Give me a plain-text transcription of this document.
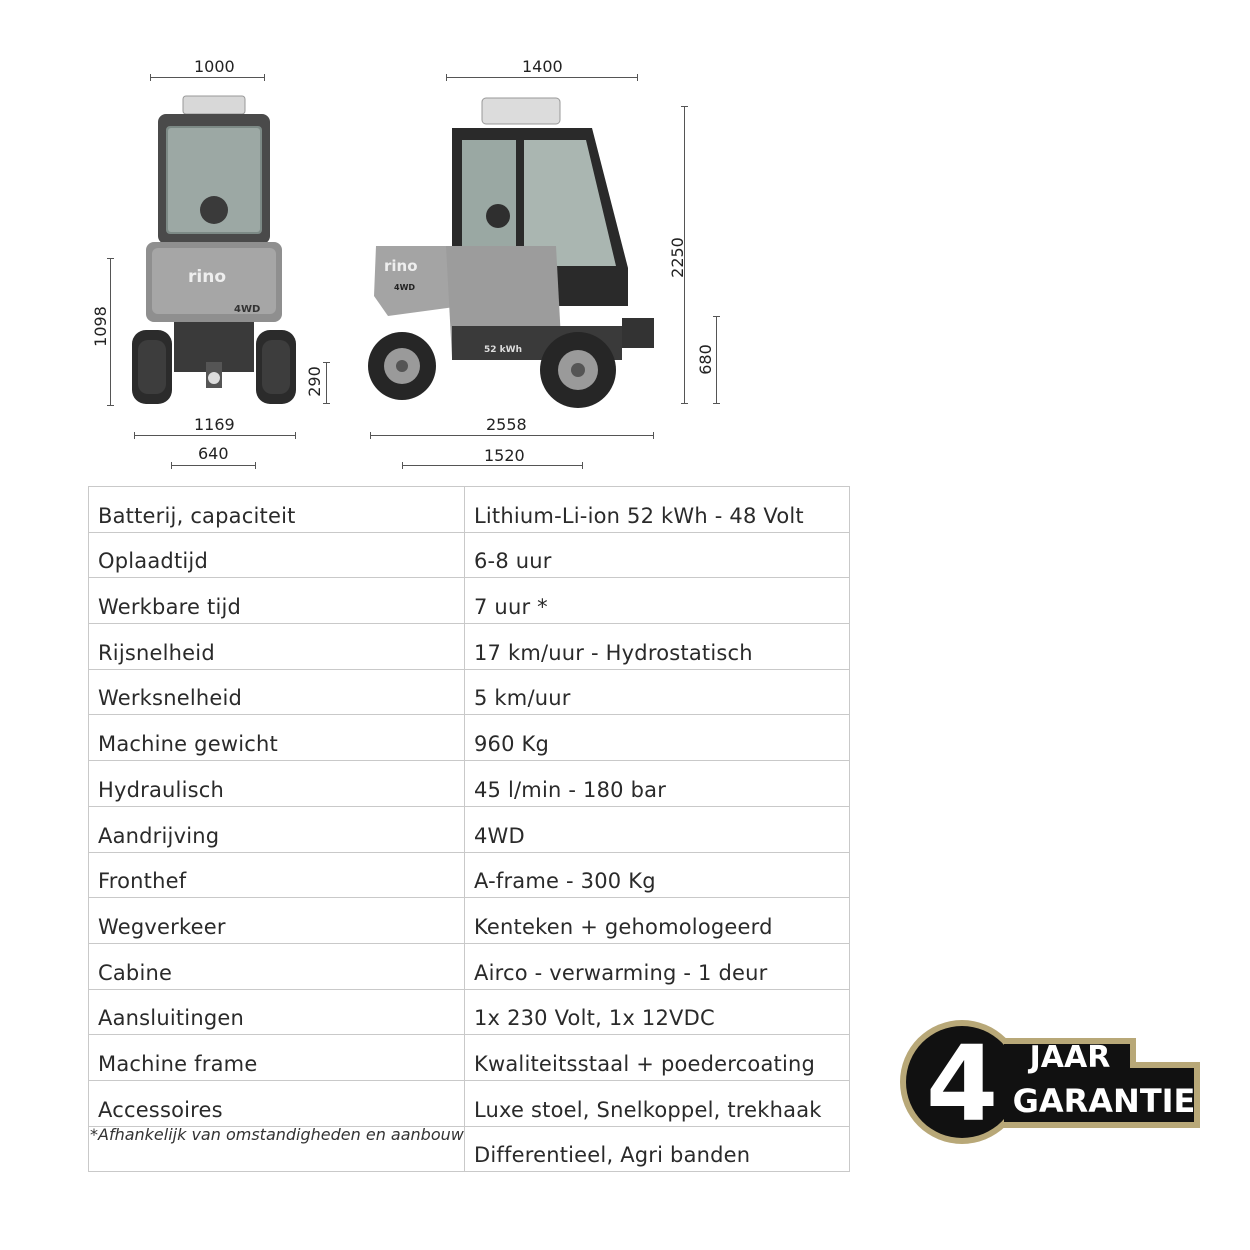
1000	1400
2250
680
1098
290
1169
640
2558
1520
rino
4WD
rino
4WD
52 kWh
Batterij, capaciteit	Lithium-Li-ion 52 kWh - 48 Volt
Oplaadtijd	6-8 uur
Werkbare tijd	7 uur *
Rijsnelheid	17 km/uur - Hydrostatisch
Werksnelheid	5 km/uur
Machine gewicht	960 Kg
Hydraulisch	45 l/min - 180 bar
Aandrijving	4WD
Fronthef	A-frame - 300 Kg
Wegverkeer	Kenteken + gehomologeerd
Cabine	Airco - verwarming - 1 deur
Aansluitingen	1x 230 Volt, 1x 12VDC
Machine frame	Kwaliteitsstaal + poedercoating
Accessoires	Luxe stoel, Snelkoppel, trekhaak
	Differentieel, Agri banden
*Afhankelijk van omstandigheden en aanbouw	4 JAAR
GARANTIE
